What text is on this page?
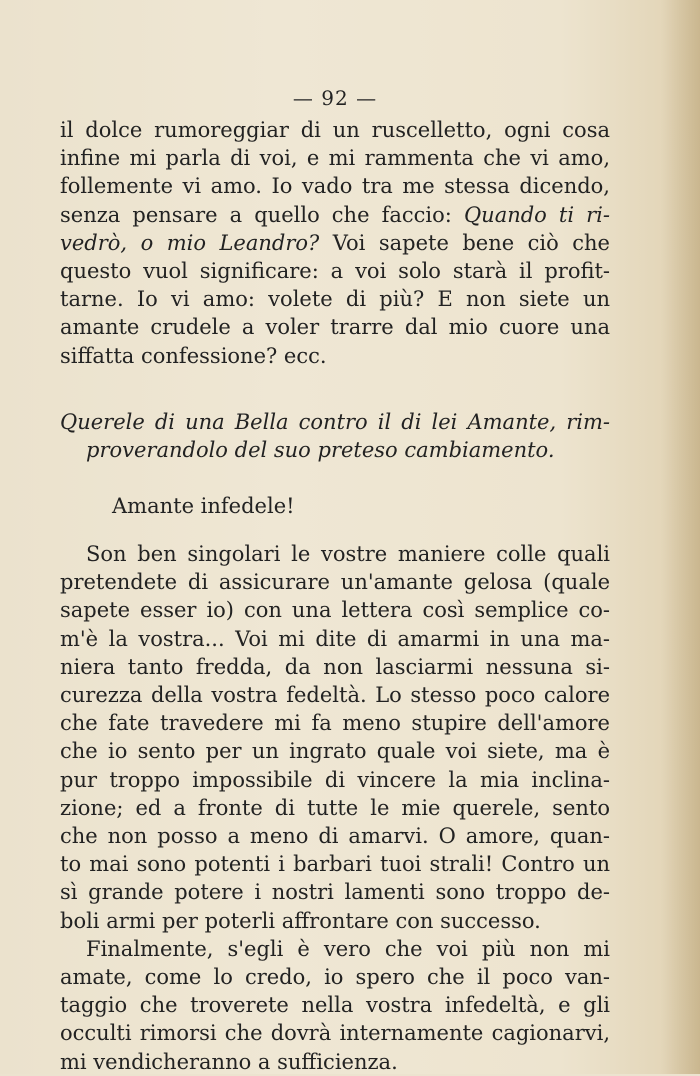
— 92 —
il dolce rumoreggiar di un ruscelletto, ogni cosa
infine mi parla di voi, e mi rammenta che vi amo,
follemente vi amo. Io vado tra me stessa dicendo,
senza pensare a quello che faccio: Quando ti ri-
vedrò, o mio Leandro? Voi sapete bene ciò che
questo vuol significare: a voi solo starà il profit-
tarne. Io vi amo: volete di più? E non siete un
amante crudele a voler trarre dal mio cuore una
siffatta confessione? ecc.
Querele di una Bella contro il di lei Amante, rim-
proverandolo del suo preteso cambiamento.
Amante infedele!
Son ben singolari le vostre maniere colle quali
pretendete di assicurare un'amante gelosa (quale
sapete esser io) con una lettera così semplice co-
m'è la vostra... Voi mi dite di amarmi in una ma-
niera tanto fredda, da non lasciarmi nessuna si-
curezza della vostra fedeltà. Lo stesso poco calore
che fate travedere mi fa meno stupire dell'amore
che io sento per un ingrato quale voi siete, ma è
pur troppo impossibile di vincere la mia inclina-
zione; ed a fronte di tutte le mie querele, sento
che non posso a meno di amarvi. O amore, quan-
to mai sono potenti i barbari tuoi strali! Contro un
sì grande potere i nostri lamenti sono troppo de-
boli armi per poterli affrontare con successo.
Finalmente, s'egli è vero che voi più non mi
amate, come lo credo, io spero che il poco van-
taggio che troverete nella vostra infedeltà, e gli
occulti rimorsi che dovrà internamente cagionarvi,
mi vendicheranno a sufficienza.
